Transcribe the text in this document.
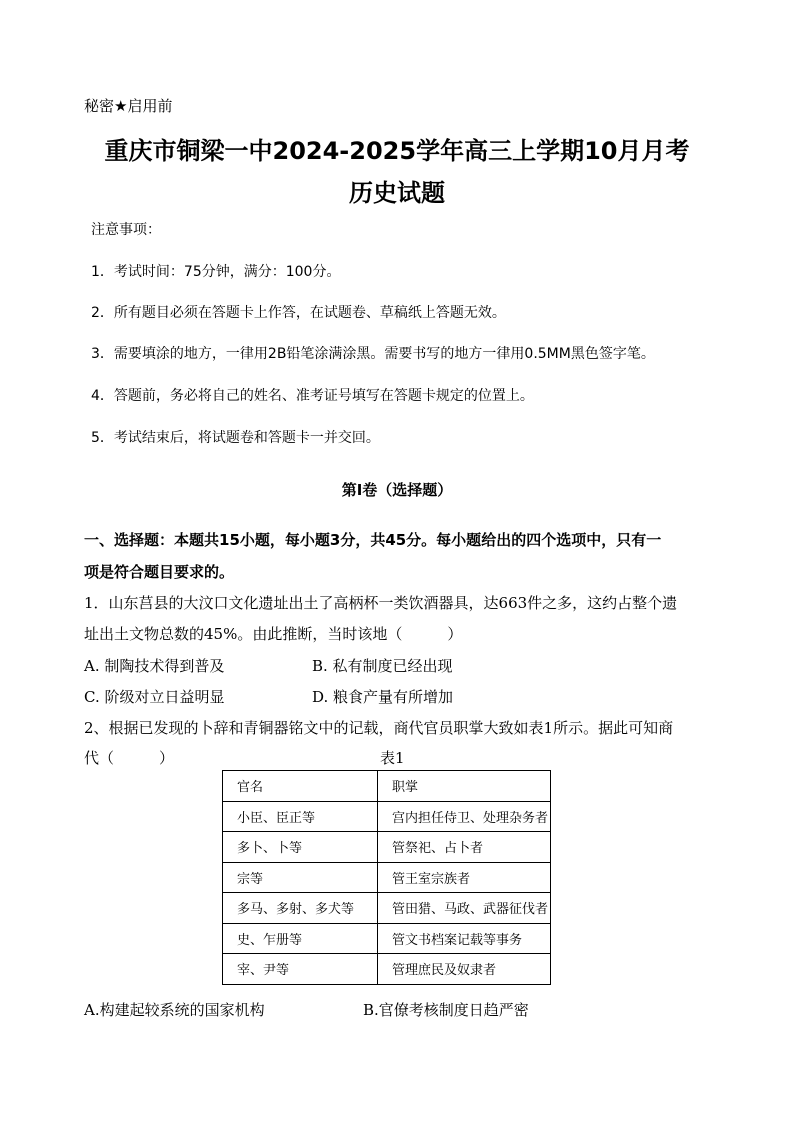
秘密★启用前
重庆市铜梁一中2024-2025学年高三上学期10月月考
历史试题
注意事项：
1．考试时间：75分钟，满分：100分。
2．所有题目必须在答题卡上作答，在试题卷、草稿纸上答题无效。
3．需要填涂的地方，一律用2B铅笔涂满涂黑。需要书写的地方一律用0.5MM黑色签字笔。
4．答题前，务必将自己的姓名、准考证号填写在答题卡规定的位置上。
5．考试结束后，将试题卷和答题卡一并交回。
第Ⅰ卷（选择题）
一、选择题：本题共15小题，每小题3分，共45分。每小题给出的四个选项中，只有一
项是符合题目要求的。
1．山东莒县的大汶口文化遗址出土了高柄杯一类饮酒器具，达663件之多，这约占整个遗
址出土文物总数的45%。由此推断，当时该地（　　　）
A. 制陶技术得到普及	B. 私有制度已经出现
C. 阶级对立日益明显	D. 粮食产量有所增加
2、根据已发现的卜辞和青铜器铭文中的记载，商代官员职掌大致如表1所示。据此可知商
代（　　　）	表1
官名	职掌
小臣、臣正等	宫内担任侍卫、处理杂务者
多卜、卜等	管祭祀、占卜者
宗等	管王室宗族者
多马、多射、多犬等	管田猎、马政、武器征伐者
史、乍册等	管文书档案记载等事务
宰、尹等	管理庶民及奴隶者
A.构建起较系统的国家机构	B.官僚考核制度日趋严密
